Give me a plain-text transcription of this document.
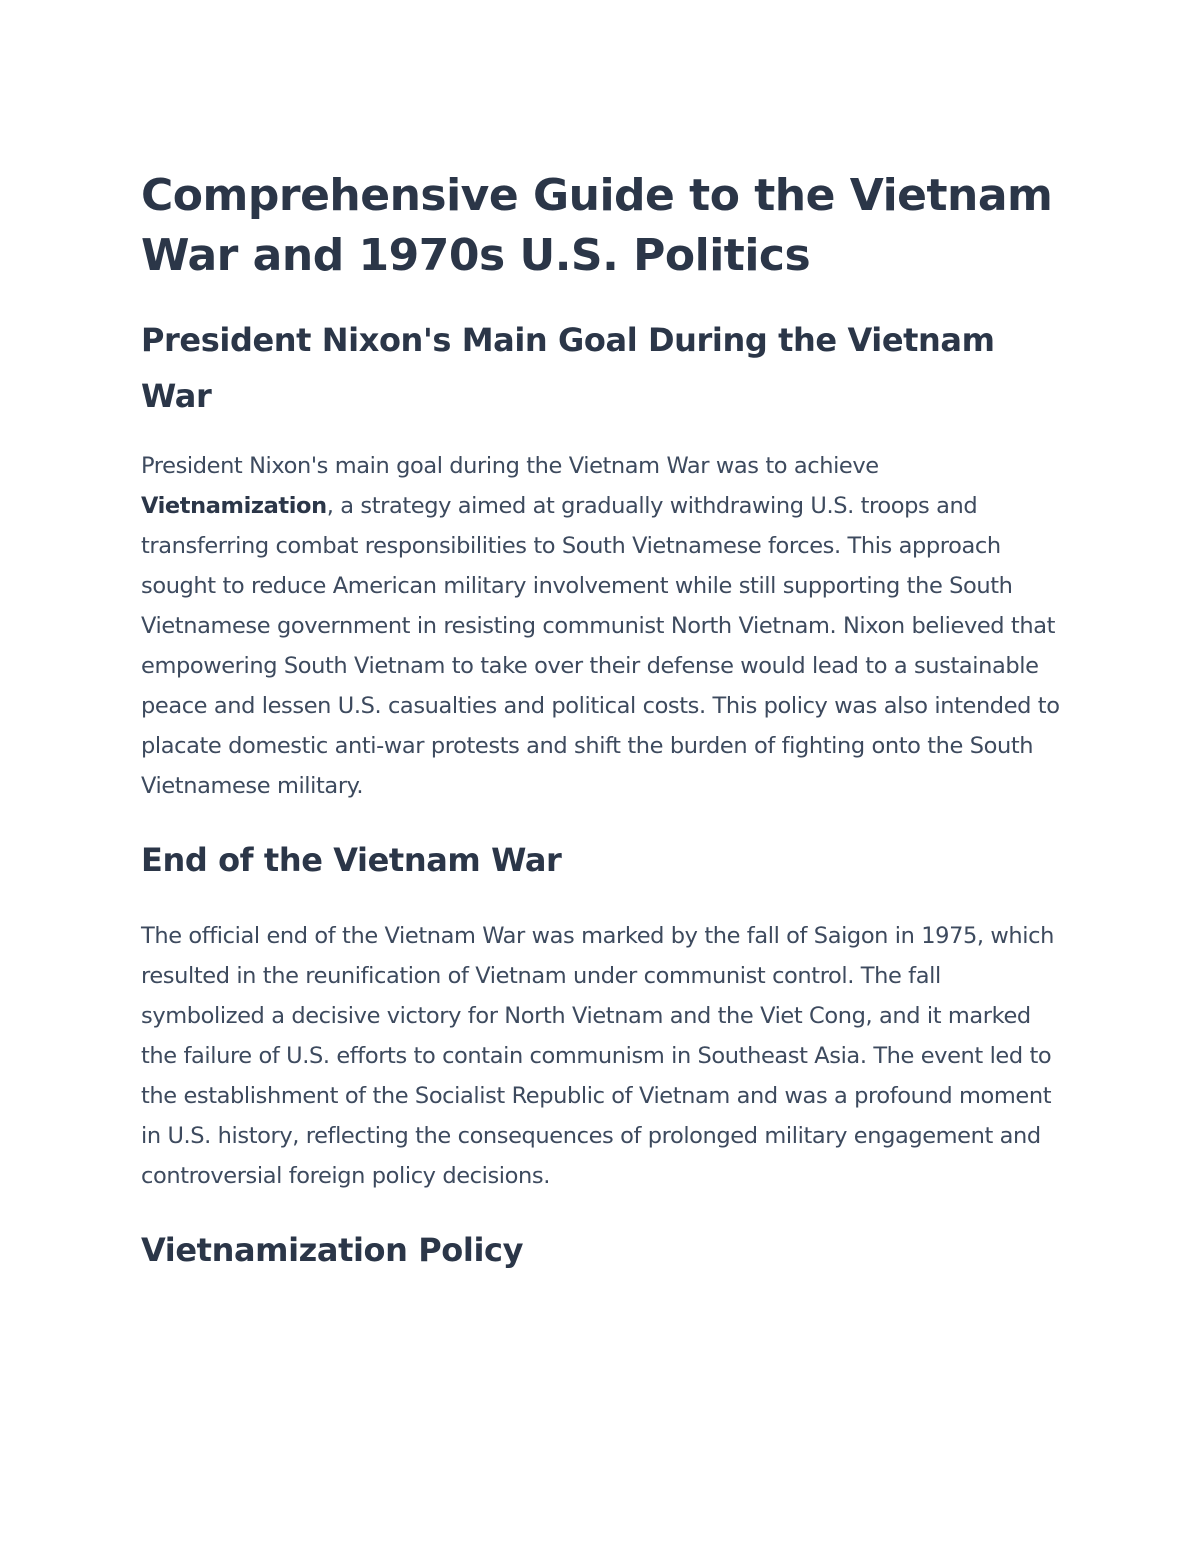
Comprehensive Guide to the Vietnam War and 1970s U.S. Politics
President Nixon's Main Goal During the Vietnam War

President Nixon's main goal during the Vietnam War was to achieve Vietnamization, a strategy aimed at gradually withdrawing U.S. troops and transferring combat responsibilities to South Vietnamese forces. This approach sought to reduce American military involvement while still supporting the South Vietnamese government in resisting communist North Vietnam. Nixon believed that empowering South Vietnam to take over their defense would lead to a sustainable peace and lessen U.S. casualties and political costs. This policy was also intended to placate domestic anti-war protests and shift the burden of fighting onto the South Vietnamese military.

End of the Vietnam War

The official end of the Vietnam War was marked by the fall of Saigon in 1975, which resulted in the reunification of Vietnam under communist control. The fall symbolized a decisive victory for North Vietnam and the Viet Cong, and it marked the failure of U.S. efforts to contain communism in Southeast Asia. The event led to the establishment of the Socialist Republic of Vietnam and was a profound moment in U.S. history, reflecting the consequences of prolonged military engagement and controversial foreign policy decisions.

Vietnamization Policy
